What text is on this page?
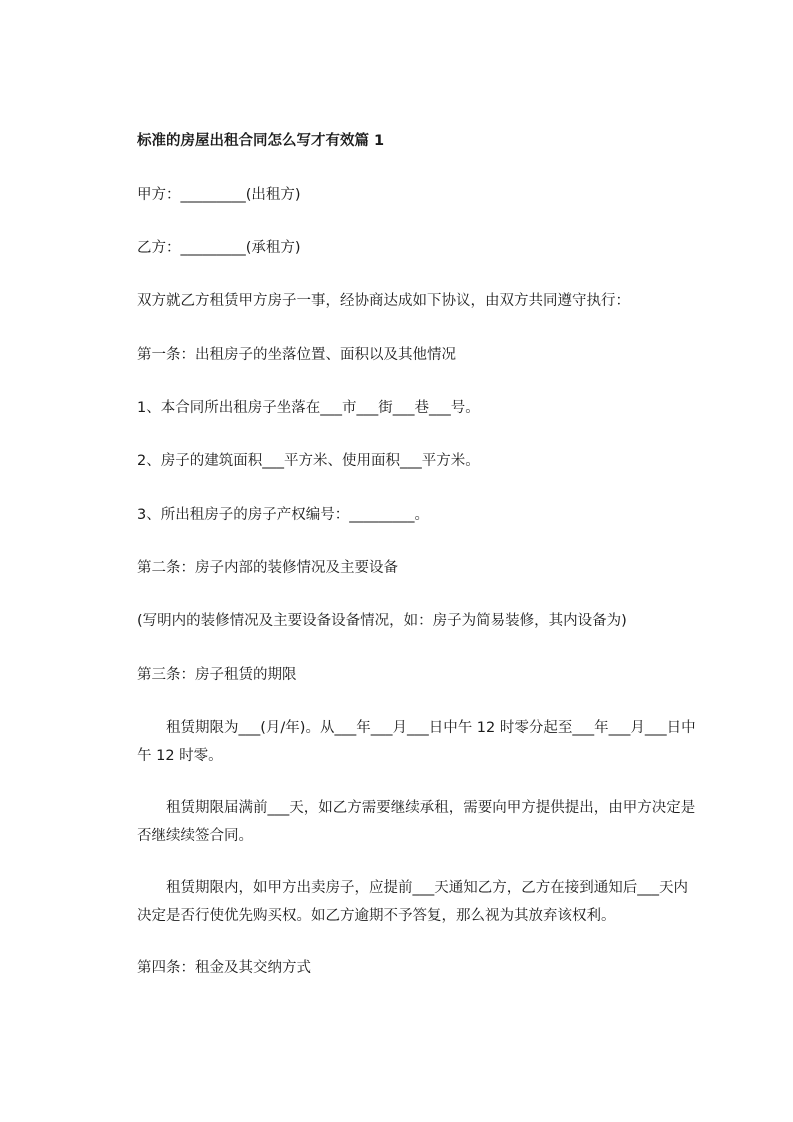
标准的房屋出租合同怎么写才有效篇 1
甲方：_________(出租方)
乙方：_________(承租方)
双方就乙方租赁甲方房子一事，经协商达成如下协议，由双方共同遵守执行：
第一条：出租房子的坐落位置、面积以及其他情况
1、本合同所出租房子坐落在___市___街___巷___号。
2、房子的建筑面积___平方米、使用面积___平方米。
3、所出租房子的房子产权编号：_________。
第二条：房子内部的装修情况及主要设备
(写明内的装修情况及主要设备设备情况，如：房子为简易装修，其内设备为)
第三条：房子租赁的期限
租赁期限为___(月/年)。从___年___月___日中午 12 时零分起至___年___月___日中午 12 时零。
租赁期限届满前___天，如乙方需要继续承租，需要向甲方提供提出，由甲方决定是否继续续签合同。
租赁期限内，如甲方出卖房子，应提前___天通知乙方，乙方在接到通知后___天内决定是否行使优先购买权。如乙方逾期不予答复，那么视为其放弃该权利。
第四条：租金及其交纳方式
